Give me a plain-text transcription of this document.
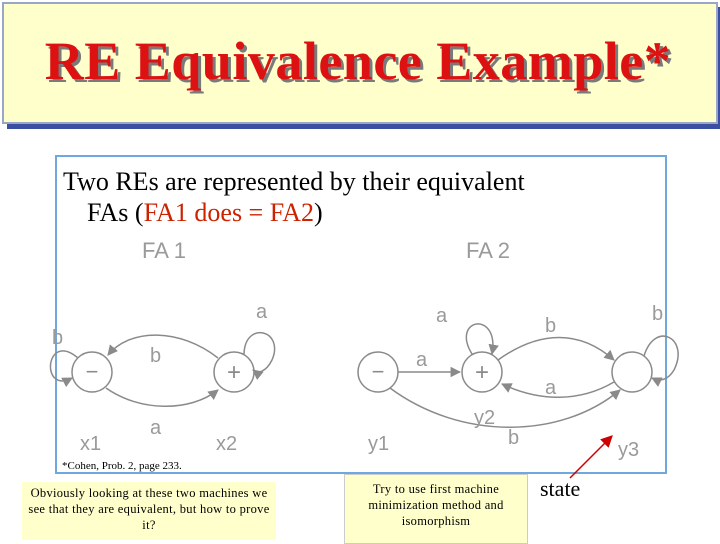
RE Equivalence Example*
FA 1
−	+
b
b
a
a
x1	x2
FA 2
−	+
a
a	b
a
b
b
y1
y2
y3
Two REs are represented by their equivalent
FAs (FA1 does = FA2)
*Cohen, Prob. 2, page 233.
Obviously looking at these two machines we see that they are equivalent, but how to prove it?
Try to use first machine minimization method and isomorphism
state
